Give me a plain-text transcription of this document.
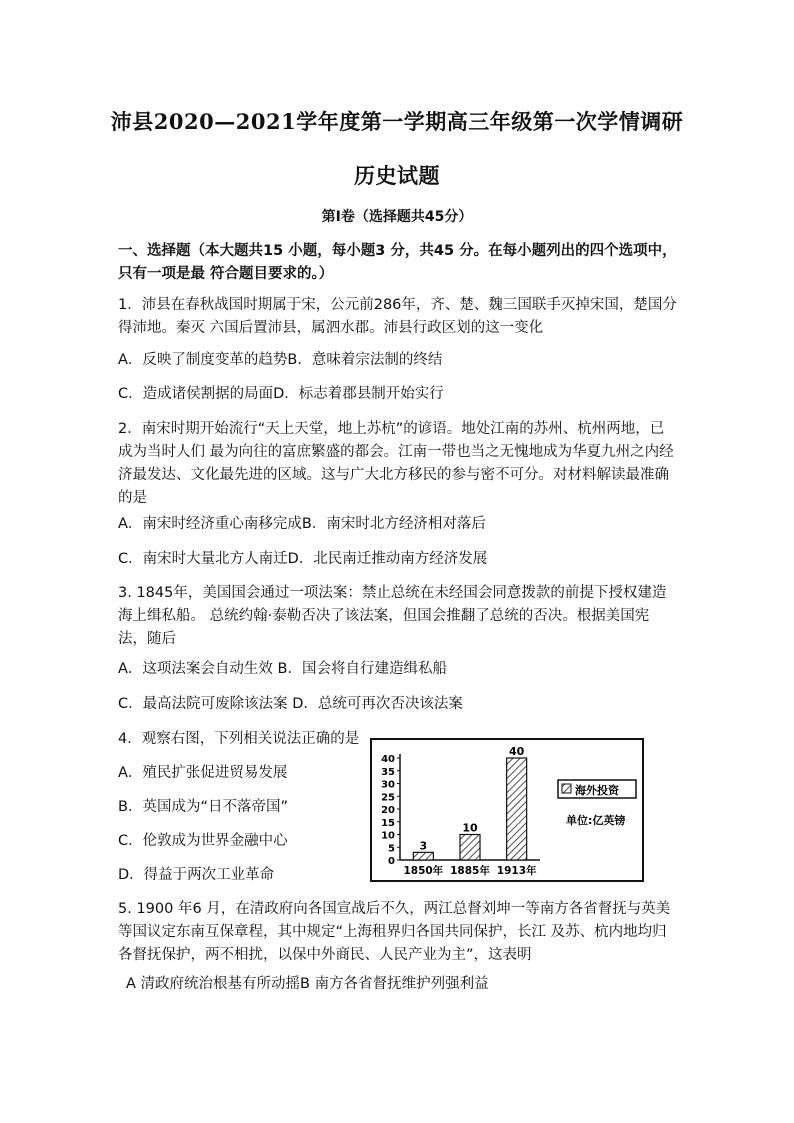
沛县2020—2021学年度第一学期高三年级第一次学情调研
历史试题
第Ⅰ卷（选择题共45分）
一、选择题（本大题共15 小题，每小题3 分，共45 分。在每小题列出的四个选项中，只有一项是最 符合题目要求的。）
1．沛县在春秋战国时期属于宋，公元前286年，齐、楚、魏三国联手灭掉宋国，楚国分得沛地。秦灭 六国后置沛县，属泗水郡。沛县行政区划的这一变化
A．反映了制度变革的趋势B．意味着宗法制的终结
C．造成诸侯割据的局面D．标志着郡县制开始实行
2．南宋时期开始流行“天上天堂，地上苏杭”的谚语。地处江南的苏州、杭州两地，已成为当时人们 最为向往的富庶繁盛的都会。江南一带也当之无愧地成为华夏九州之内经济最发达、文化最先进的区域。这与广大北方移民的参与密不可分。对材料解读最准确的是
A．南宋时经济重心南移完成B．南宋时北方经济相对落后
C．南宋时大量北方人南迁D．北民南迁推动南方经济发展
3. 1845年，美国国会通过一项法案：禁止总统在未经国会同意拨款的前提下授权建造海上缉私船。 总统约翰·泰勒否决了该法案，但国会推翻了总统的否决。根据美国宪法，随后
A．这项法案会自动生效 B．国会将自行建造缉私船
C．最高法院可废除该法案 D．总统可再次否决该法案
4．观察右图，下列相关说法正确的是
A．殖民扩张促进贸易发展
B．英国成为“日不落帝国”
C．伦敦成为世界金融中心
D．得益于两次工业革命
0
5
10
15
20
25
30
35
40
3
1850年
10
1885年
40
1913年
海外投资
单位:亿英镑
5. 1900 年6 月，在清政府向各国宣战后不久，两江总督刘坤一等南方各省督抚与英美等国议定东南互保章程，其中规定“上海租界归各国共同保护，长江 及苏、杭内地均归各督抚保护，两不相扰，以保中外商民、人民产业为主”，这表明
A 清政府统治根基有所动摇B 南方各省督抚维护列强利益
